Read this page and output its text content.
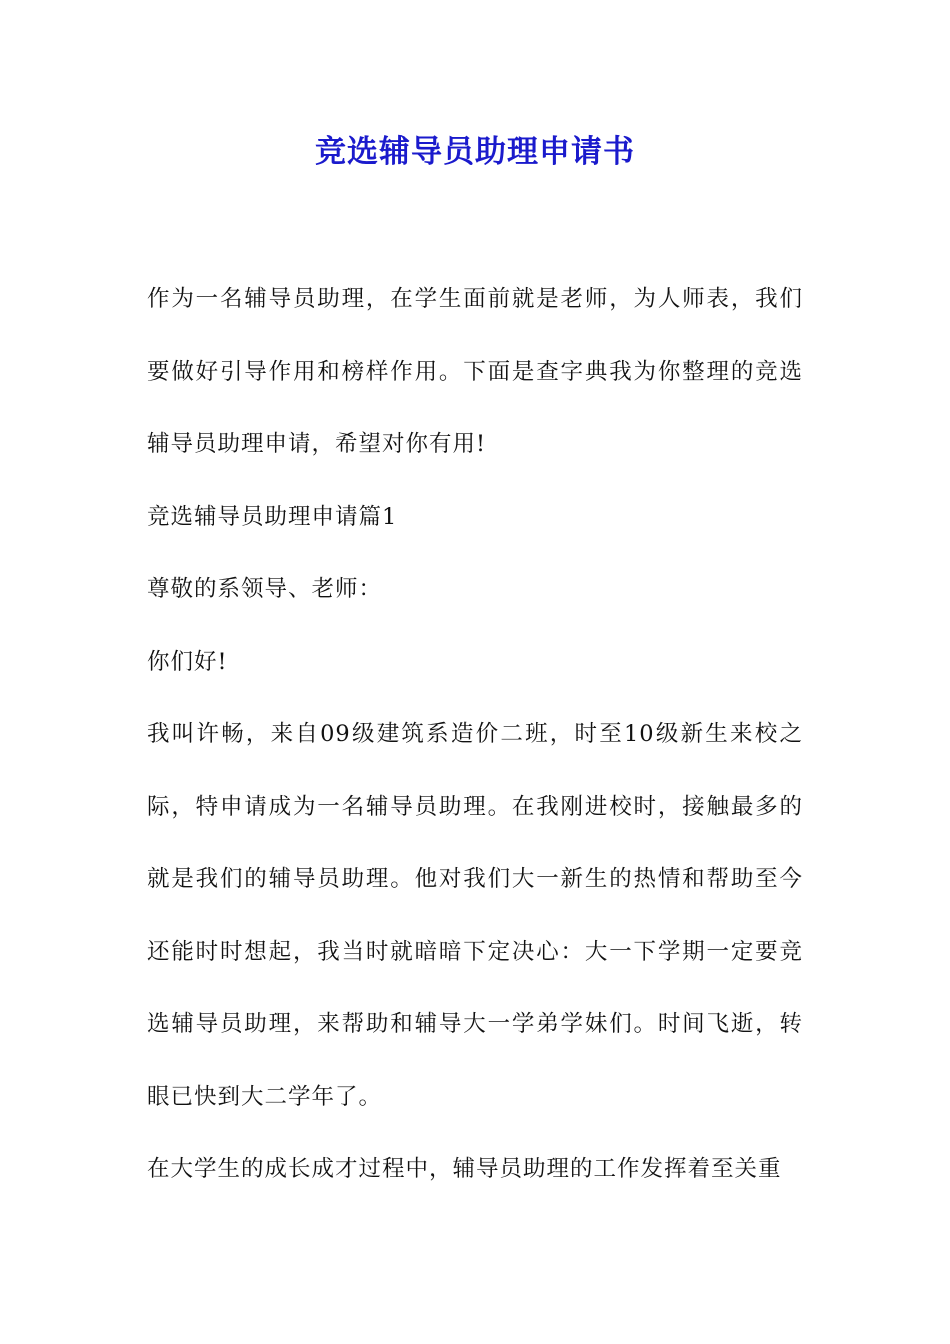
竞选辅导员助理申请书

作为一名辅导员助理，在学生面前就是老师，为人师表，我们要做好引导作用和榜样作用。下面是查字典我为你整理的竞选辅导员助理申请，希望对你有用!

竞选辅导员助理申请篇1

尊敬的系领导、老师：

你们好!

我叫许畅，来自09级建筑系造价二班，时至10级新生来校之际，特申请成为一名辅导员助理。在我刚进校时，接触最多的就是我们的辅导员助理。他对我们大一新生的热情和帮助至今还能时时想起，我当时就暗暗下定决心：大一下学期一定要竞选辅导员助理，来帮助和辅导大一学弟学妹们。时间飞逝，转眼已快到大二学年了。

在大学生的成长成才过程中，辅导员助理的工作发挥着至关重
